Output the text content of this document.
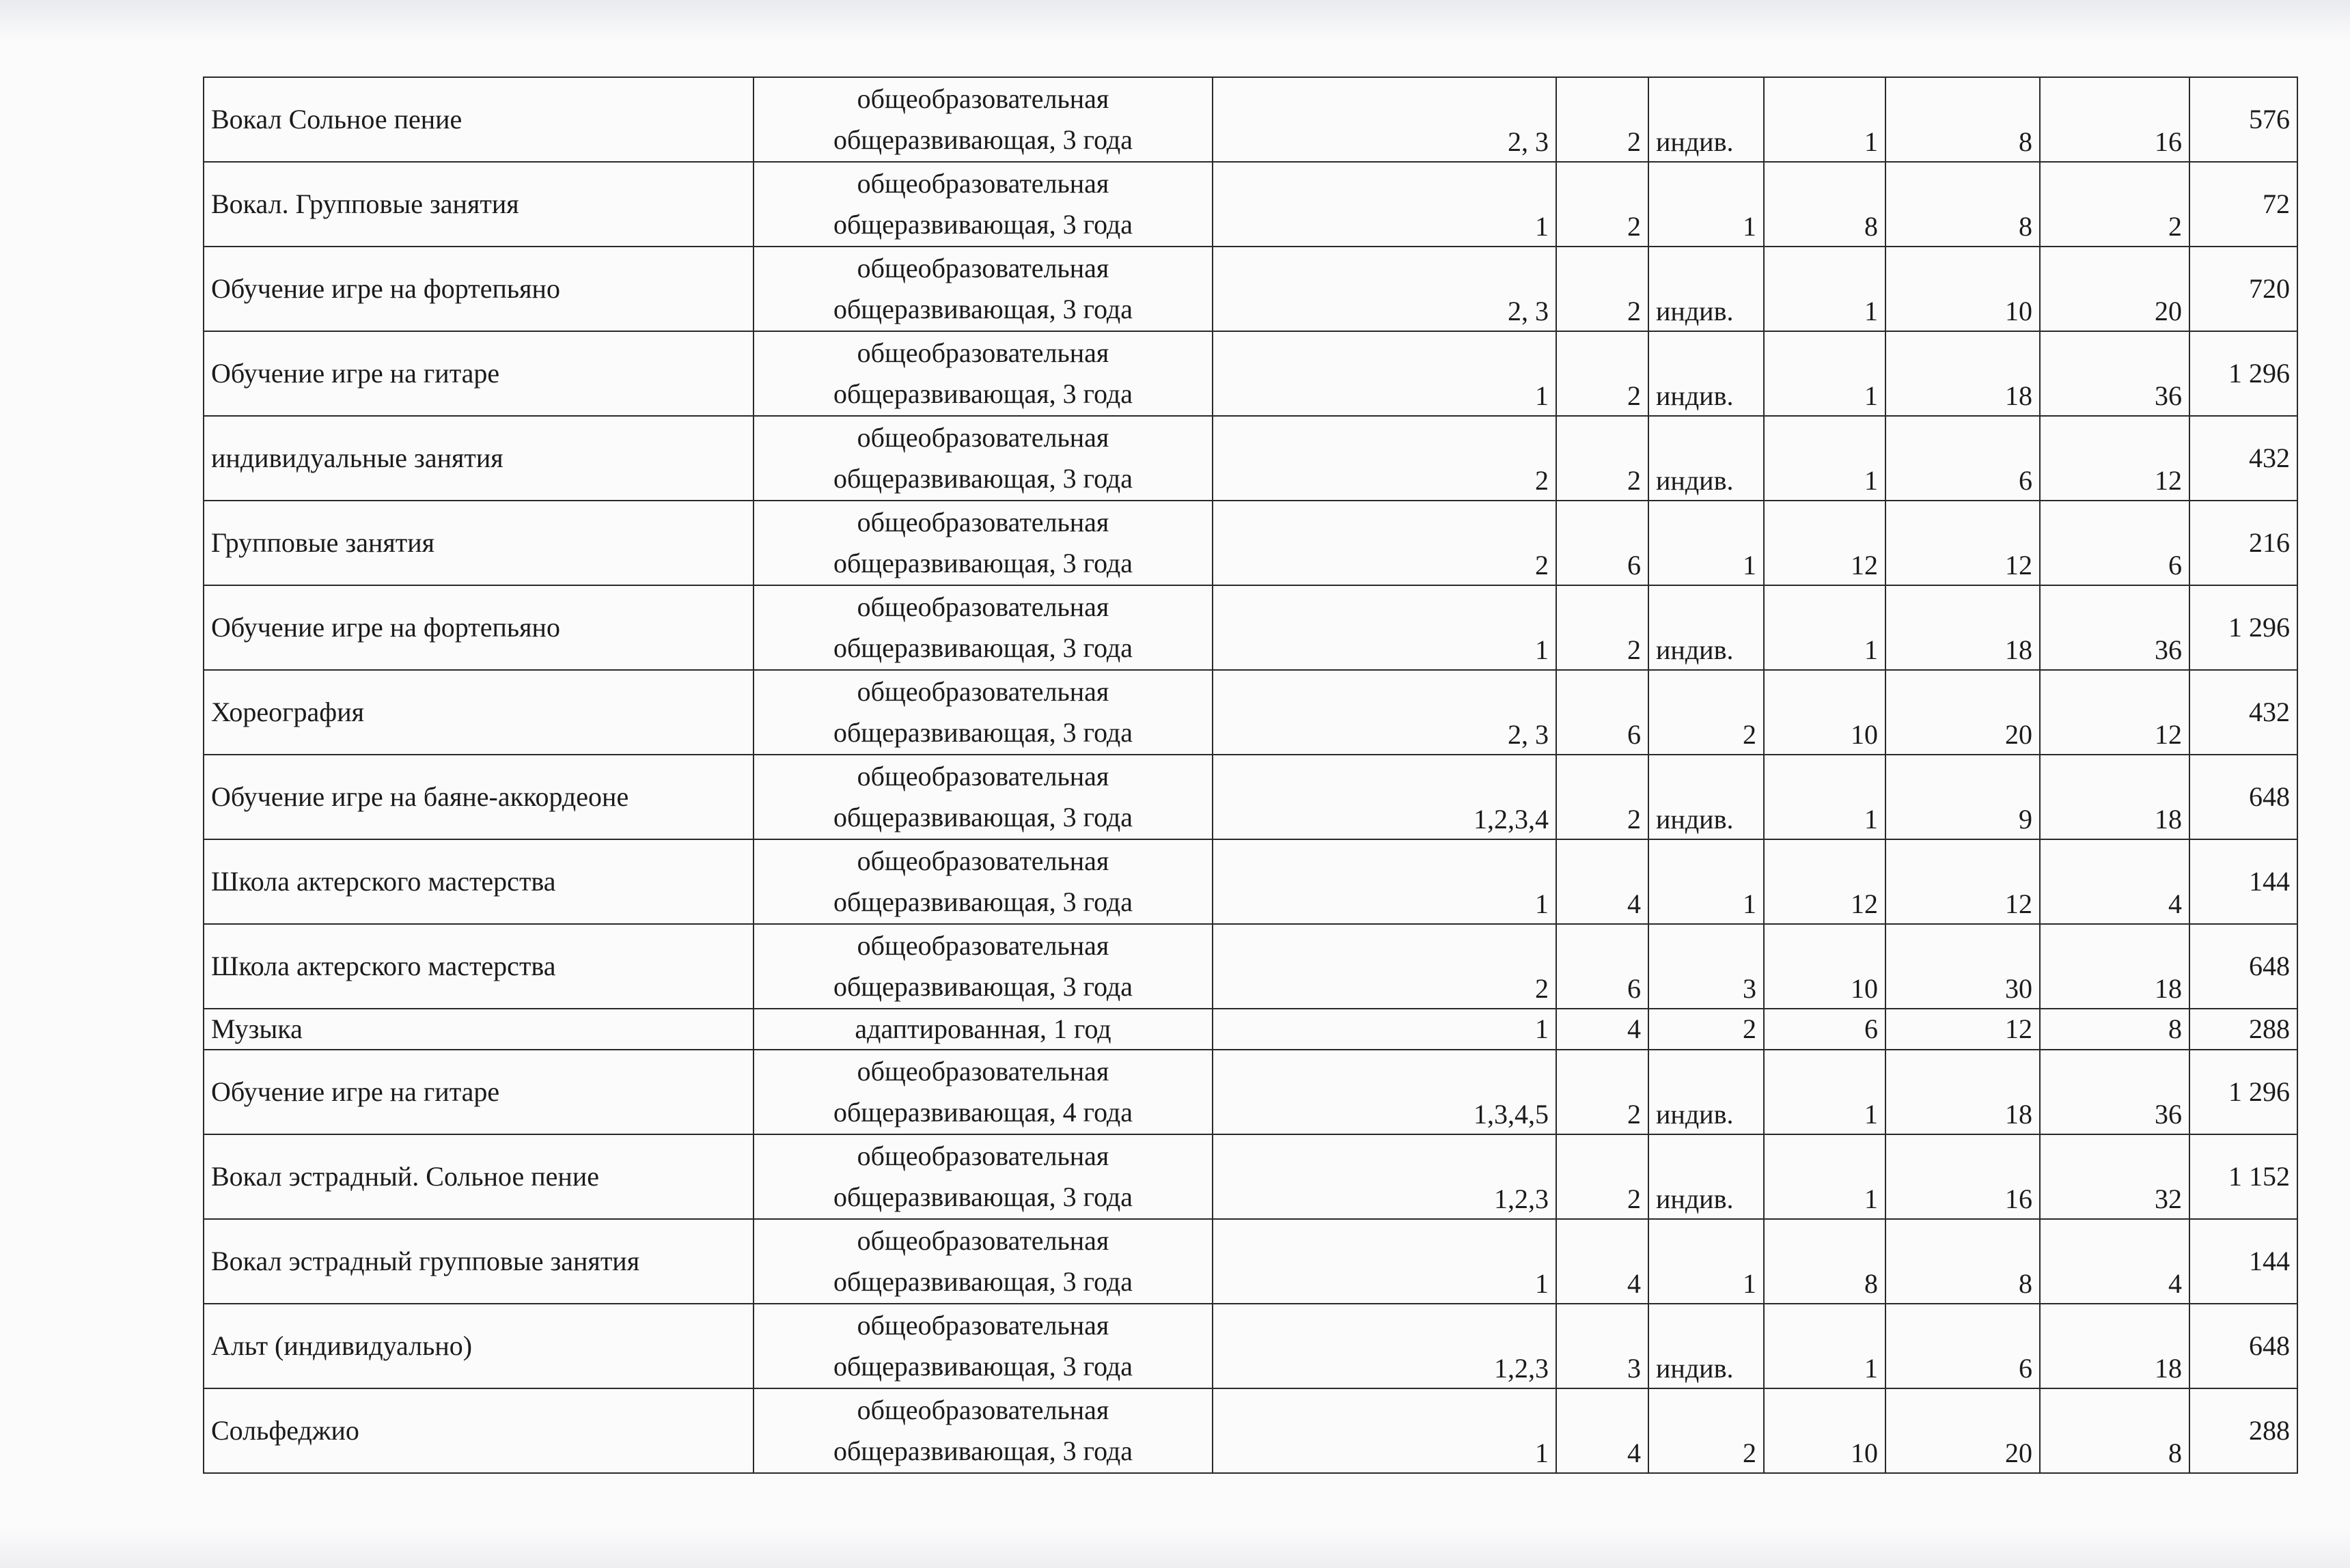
Вокал Сольное пение	общеобразовательная
общеразвивающая, 3 года	2, 3	2	индив.	1	8	16	576
Вокал. Групповые занятия	общеобразовательная
общеразвивающая, 3 года	1	2	1	8	8	2	72
Обучение игре на фортепьяно	общеобразовательная
общеразвивающая, 3 года	2, 3	2	индив.	1	10	20	720
Обучение игре на гитаре	общеобразовательная
общеразвивающая, 3 года	1	2	индив.	1	18	36	1 296
индивидуальные занятия	общеобразовательная
общеразвивающая, 3 года	2	2	индив.	1	6	12	432
Групповые занятия	общеобразовательная
общеразвивающая, 3 года	2	6	1	12	12	6	216
Обучение игре на фортепьяно	общеобразовательная
общеразвивающая, 3 года	1	2	индив.	1	18	36	1 296
Хореография	общеобразовательная
общеразвивающая, 3 года	2, 3	6	2	10	20	12	432
Обучение игре на баяне-аккордеоне	общеобразовательная
общеразвивающая, 3 года	1,2,3,4	2	индив.	1	9	18	648
Школа актерского мастерства	общеобразовательная
общеразвивающая, 3 года	1	4	1	12	12	4	144
Школа актерского мастерства	общеобразовательная
общеразвивающая, 3 года	2	6	3	10	30	18	648
Музыка	адаптированная, 1 год	1	4	2	6	12	8	288
Обучение игре на гитаре	общеобразовательная
общеразвивающая, 4 года	1,3,4,5	2	индив.	1	18	36	1 296
Вокал эстрадный. Сольное пение	общеобразовательная
общеразвивающая, 3 года	1,2,3	2	индив.	1	16	32	1 152
Вокал эстрадный групповые занятия	общеобразовательная
общеразвивающая, 3 года	1	4	1	8	8	4	144
Альт (индивидуально)	общеобразовательная
общеразвивающая, 3 года	1,2,3	3	индив.	1	6	18	648
Сольфеджио	общеобразовательная
общеразвивающая, 3 года	1	4	2	10	20	8	288
